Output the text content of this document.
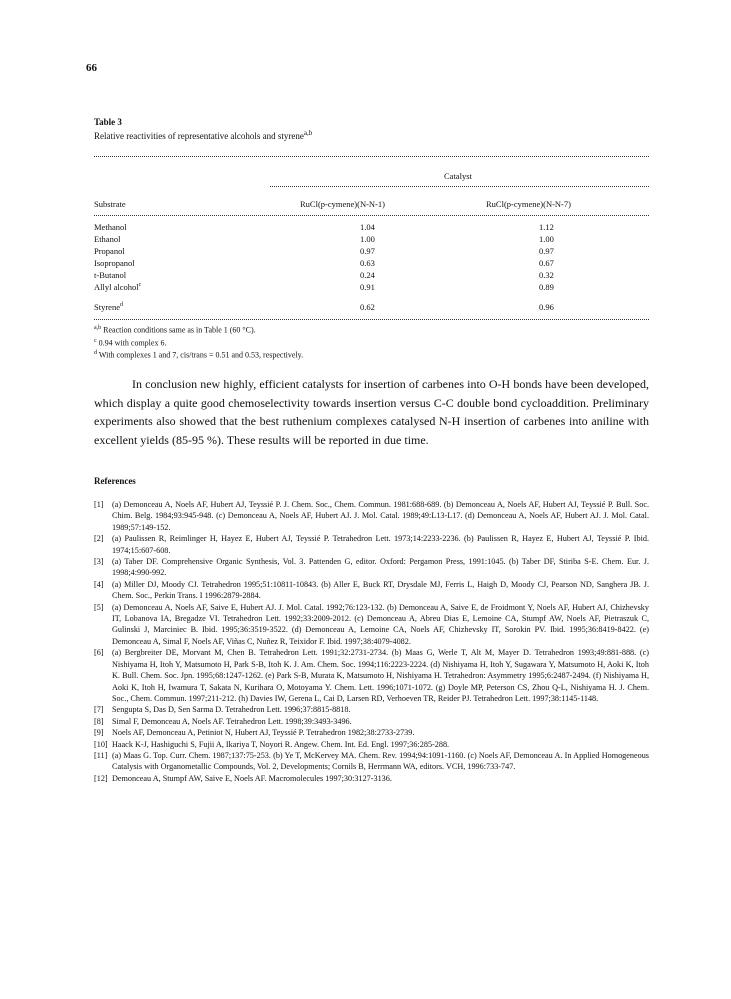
66
Table 3
Relative reactivities of representative alcohols and styrene$^{a,b}$
Catalyst
Substrate	RuCl(p-cymene)(N-N-1)	RuCl(p-cymene)(N-N-7)
Methanol	1.04	1.12
Ethanol	1.00	1.00
Propanol	0.97	0.97
Isopropanol	0.63	0.67
t-Butanol	0.24	0.32
Allyl alcohol$^c$	0.91	0.89
Styrene$^d$	0.62	0.96
$^{a,b}$ Reaction conditions same as in Table 1 (60 °C).
$^c$ 0.94 with complex 6.
$^d$ With complexes 1 and 7, cis/trans = 0.51 and 0.53, respectively.
In conclusion new highly, efficient catalysts for insertion of carbenes into O-H bonds have been developed, which display a quite good chemoselectivity towards insertion versus C-C double bond cycloaddition. Preliminary experiments also showed that the best ruthenium complexes catalysed N-H insertion of carbenes into aniline with excellent yields (85-95 %). These results will be reported in due time.
References
[1] (a) Demonceau A, Noels AF, Hubert AJ, Teyssié P. J. Chem. Soc., Chem. Commun. 1981:688-689. (b) Demonceau A, Noels AF, Hubert AJ, Teyssié P. Bull. Soc. Chim. Belg. 1984;93:945-948. (c) Demonceau A, Noels AF, Hubert AJ. J. Mol. Catal. 1989;49:L13-L17. (d) Demonceau A, Noels AF, Hubert AJ. J. Mol. Catal. 1989;57:149-152.
[2] (a) Paulissen R, Reimlinger H, Hayez E, Hubert AJ, Teyssié P. Tetrahedron Lett. 1973;14:2233-2236. (b) Paulissen R, Hayez E, Hubert AJ, Teyssié P. Ibid. 1974;15:607-608.
[3] (a) Taber DF. Comprehensive Organic Synthesis, Vol. 3. Pattenden G, editor. Oxford: Pergamon Press, 1991:1045. (b) Taber DF, Stiriba S-E. Chem. Eur. J. 1998;4:990-992.
[4] (a) Miller DJ, Moody CJ. Tetrahedron 1995;51:10811-10843. (b) Aller E, Buck RT, Drysdale MJ, Ferris L, Haigh D, Moody CJ, Pearson ND, Sanghera JB. J. Chem. Soc., Perkin Trans. I 1996:2879-2884.
[5] (a) Demonceau A, Noels AF, Saive E, Hubert AJ. J. Mol. Catal. 1992;76:123-132. (b) Demonceau A, Saive E, de Froidmont Y, Noels AF, Hubert AJ, Chizhevsky IT, Lobanova IA, Bregadze VI. Tetrahedron Lett. 1992;33:2009-2012. (c) Demonceau A, Abreu Dias E, Lemoine CA, Stumpf AW, Noels AF, Pietraszuk C, Gulinski J, Marciniec B. Ibid. 1995;36:3519-3522. (d) Demonceau A, Lemoine CA, Noels AF, Chizhevsky IT, Sorokin PV. Ibid. 1995;36:8419-8422. (e) Demonceau A, Simal F, Noels AF, Viñas C, Nuñez R, Teixidor F. Ibid. 1997;38:4079-4082.
[6] (a) Bergbreiter DE, Morvant M, Chen B. Tetrahedron Lett. 1991;32:2731-2734. (b) Maas G, Werle T, Alt M, Mayer D. Tetrahedron 1993;49:881-888. (c) Nishiyama H, Itoh Y, Matsumoto H, Park S-B, Itoh K. J. Am. Chem. Soc. 1994;116:2223-2224. (d) Nishiyama H, Itoh Y, Sugawara Y, Matsumoto H, Aoki K, Itoh K. Bull. Chem. Soc. Jpn. 1995;68:1247-1262. (e) Park S-B, Murata K, Matsumoto H, Nishiyama H. Tetrahedron: Asymmetry 1995;6:2487-2494. (f) Nishiyama H, Aoki K, Itoh H, Iwamura T, Sakata N, Kurihara O, Motoyama Y. Chem. Lett. 1996;1071-1072. (g) Doyle MP, Peterson CS, Zhou Q-L, Nishiyama H. J. Chem. Soc., Chem. Commun. 1997;211-212. (h) Davies IW, Gerena L, Cai D, Larsen RD, Verhoeven TR, Reider PJ. Tetrahedron Lett. 1997;38:1145-1148.
[7] Sengupta S, Das D, Sen Sarma D. Tetrahedron Lett. 1996;37:8815-8818.
[8] Simal F, Demonceau A, Noels AF. Tetrahedron Lett. 1998;39:3493-3496.
[9] Noels AF, Demonceau A, Petiniot N, Hubert AJ, Teyssié P. Tetrahedron 1982;38:2733-2739.
[10] Haack K-J, Hashiguchi S, Fujii A, Ikariya T, Noyori R. Angew. Chem. Int. Ed. Engl. 1997;36:285-288.
[11] (a) Maas G. Top. Curr. Chem. 1987;137:75-253. (b) Ye T, McKervey MA. Chem. Rev. 1994;94:1091-1160. (c) Noels AF, Demonceau A. In Applied Homogeneous Catalysis with Organometallic Compounds, Vol. 2, Developments; Cornils B, Herrmann WA, editors. VCH, 1996:733-747.
[12] Demonceau A, Stumpf AW, Saive E, Noels AF. Macromolecules 1997;30:3127-3136.
